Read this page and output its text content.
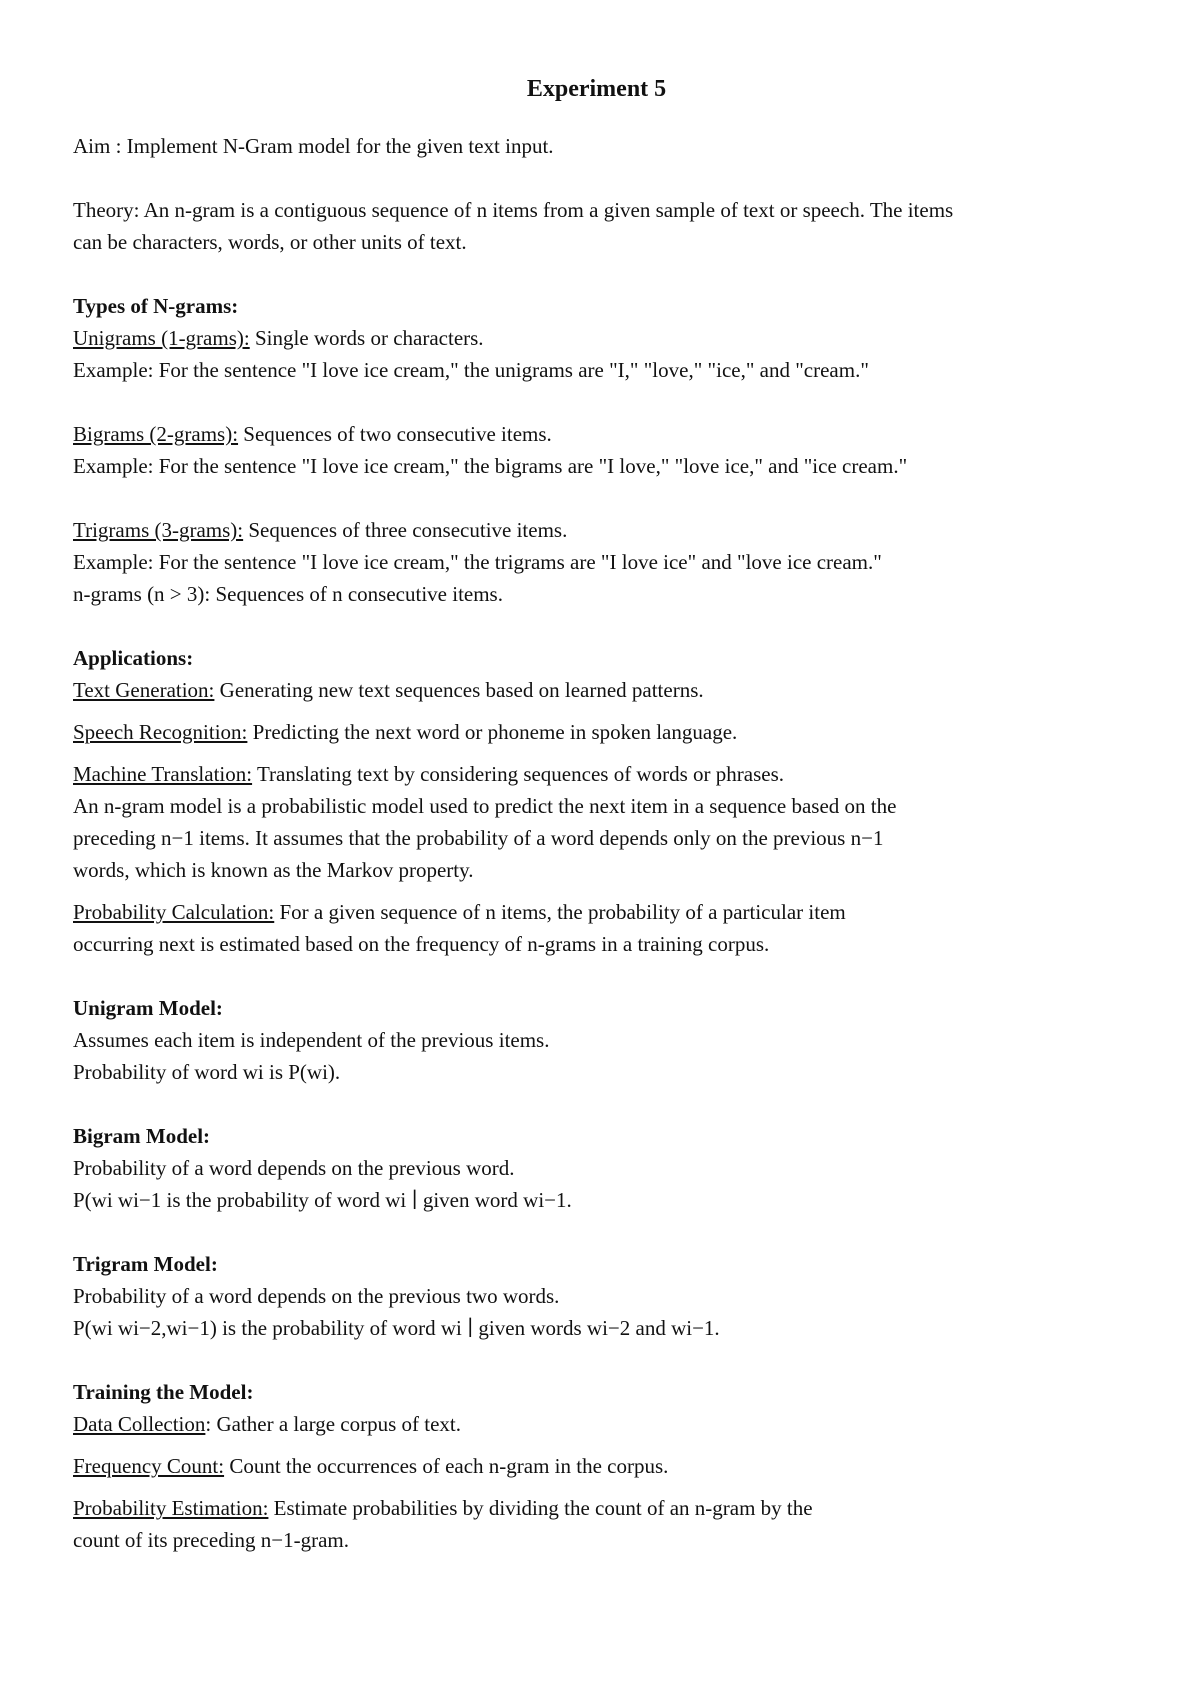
Experiment 5

Aim : Implement N-Gram model for the given text input.

Theory: An n-gram is a contiguous sequence of n items from a given sample of text or speech. The items

can be characters, words, or other units of text.

Types of N-grams:

Unigrams (1-grams): Single words or characters.

Example: For the sentence "I love ice cream," the unigrams are "I," "love," "ice," and "cream."

Bigrams (2-grams): Sequences of two consecutive items.

Example: For the sentence "I love ice cream," the bigrams are "I love," "love ice," and "ice cream."

Trigrams (3-grams): Sequences of three consecutive items.

Example: For the sentence "I love ice cream," the trigrams are "I love ice" and "love ice cream."

n-grams (n > 3): Sequences of n consecutive items.

Applications:

Text Generation: Generating new text sequences based on learned patterns.

Speech Recognition: Predicting the next word or phoneme in spoken language.

Machine Translation: Translating text by considering sequences of words or phrases.

An n-gram model is a probabilistic model used to predict the next item in a sequence based on the

preceding n−1 items. It assumes that the probability of a word depends only on the previous n−1

words, which is known as the Markov property.

Probability Calculation: For a given sequence of n items, the probability of a particular item

occurring next is estimated based on the frequency of n-grams in a training corpus.

Unigram Model:

Assumes each item is independent of the previous items.

Probability of word wi is P(wi).

Bigram Model:

Probability of a word depends on the previous word.

P(wi wi−1 is the probability of word wi ∣ given word wi−1.

Trigram Model:

Probability of a word depends on the previous two words.

P(wi wi−2,wi−1) is the probability of word wi ∣ given words wi−2 and wi−1.

Training the Model:

Data Collection: Gather a large corpus of text.

Frequency Count: Count the occurrences of each n-gram in the corpus.

Probability Estimation: Estimate probabilities by dividing the count of an n-gram by the

count of its preceding n−1-gram.
